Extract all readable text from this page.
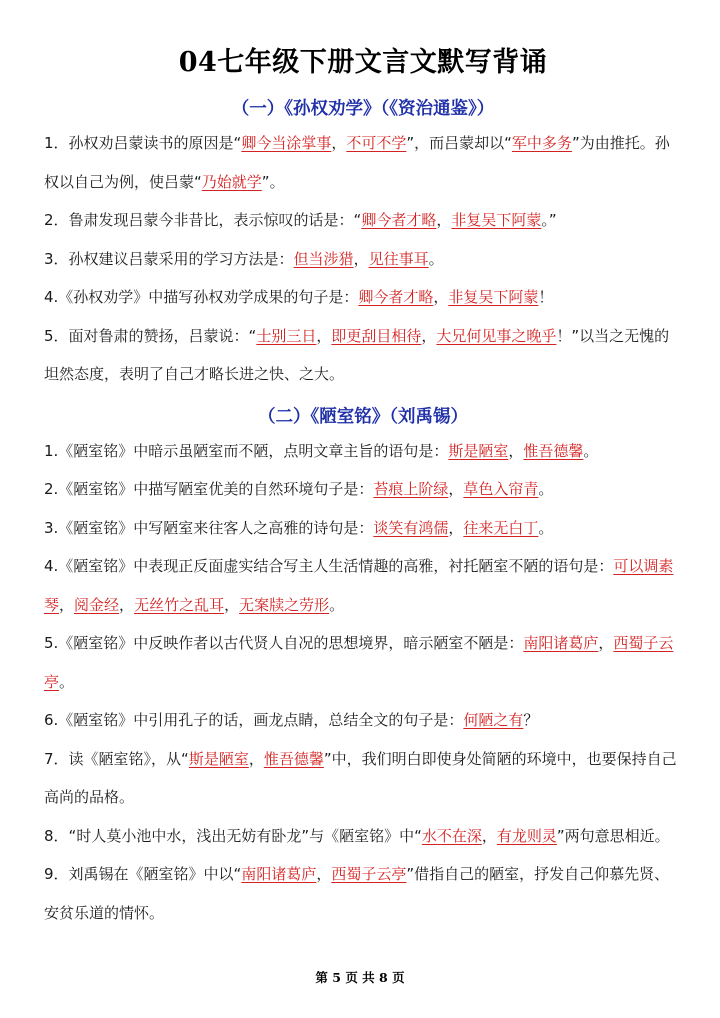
04七年级下册文言文默写背诵
（一）《孙权劝学》（《资治通鉴》）

1．孙权劝吕蒙读书的原因是“卿今当涂掌事，不可不学”，而吕蒙却以“军中多务”为由推托。孙权以自己为例，使吕蒙“乃始就学”。

2．鲁肃发现吕蒙今非昔比，表示惊叹的话是：“卿今者才略，非复吴下阿蒙。”

3．孙权建议吕蒙采用的学习方法是：但当涉猎，见往事耳。

4.《孙权劝学》中描写孙权劝学成果的句子是：卿今者才略，非复吴下阿蒙！

5．面对鲁肃的赞扬，吕蒙说：“士别三日，即更刮目相待，大兄何见事之晚乎！”以当之无愧的坦然态度，表明了自己才略长进之快、之大。

（二）《陋室铭》（刘禹锡）

1.《陋室铭》中暗示虽陋室而不陋，点明文章主旨的语句是：斯是陋室，惟吾德馨。

2.《陋室铭》中描写陋室优美的自然环境句子是：苔痕上阶绿，草色入帘青。

3.《陋室铭》中写陋室来往客人之高雅的诗句是：谈笑有鸿儒，往来无白丁。

4.《陋室铭》中表现正反面虚实结合写主人生活情趣的高雅，衬托陋室不陋的语句是：可以调素琴，阅金经，无丝竹之乱耳，无案牍之劳形。

5.《陋室铭》中反映作者以古代贤人自况的思想境界，暗示陋室不陋是：南阳诸葛庐，西蜀子云亭。

6.《陋室铭》中引用孔子的话，画龙点睛，总结全文的句子是：何陋之有？

7．读《陋室铭》，从“斯是陋室，惟吾德馨”中，我们明白即使身处简陋的环境中，也要保持自己高尚的品格。

8．“时人莫小池中水，浅出无妨有卧龙”与《陋室铭》中“水不在深，有龙则灵”两句意思相近。

9．刘禹锡在《陋室铭》中以“南阳诸葛庐，西蜀子云亭”借指自己的陋室，抒发自己仰慕先贤、安贫乐道的情怀。

第 5 页 共 8 页
